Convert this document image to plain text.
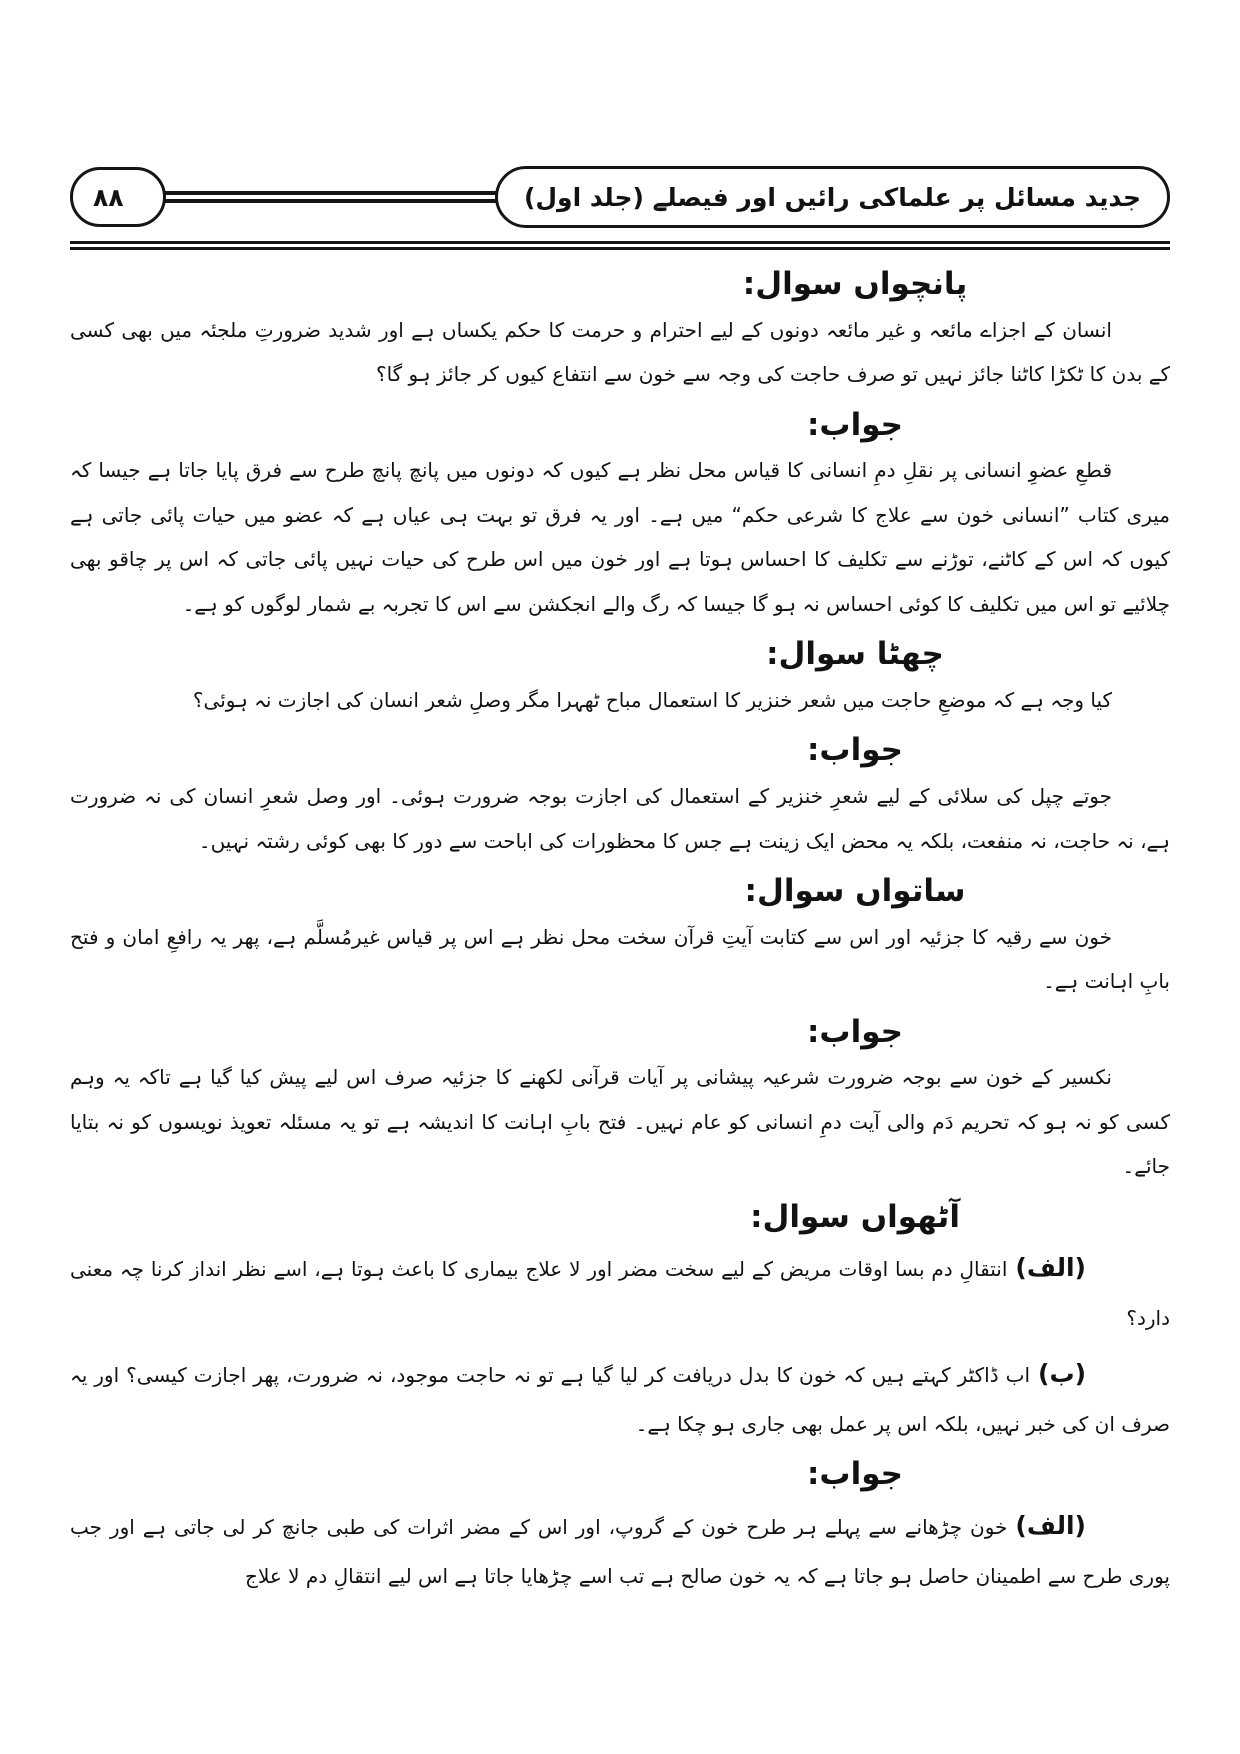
۸۸	جدید مسائل پر علماکی رائیں اور فیصلے (جلد اول)
پانچواں سوال:

انسان کے اجزاے مائعہ و غیر مائعہ دونوں کے لیے احترام و حرمت کا حکم یکساں ہے اور شدید ضرورتِ ملجئہ میں بھی کسی کے بدن کا ٹکڑا کاٹنا جائز نہیں تو صرف حاجت کی وجہ سے خون سے انتفاع کیوں کر جائز ہو گا؟

جواب:

قطعِ عضوِ انسانی پر نقلِ دمِ انسانی کا قیاس محل نظر ہے کیوں کہ دونوں میں پانچ پانچ طرح سے فرق پایا جاتا ہے جیسا کہ میری کتاب ”انسانی خون سے علاج کا شرعی حکم“ میں ہے۔ اور یہ فرق تو بہت ہی عیاں ہے کہ عضو میں حیات پائی جاتی ہے کیوں کہ اس کے کاٹنے، توڑنے سے تکلیف کا احساس ہوتا ہے اور خون میں اس طرح کی حیات نہیں پائی جاتی کہ اس پر چاقو بھی چلائیے تو اس میں تکلیف کا کوئی احساس نہ ہو گا جیسا کہ رگ والے انجکشن سے اس کا تجربہ بے شمار لوگوں کو ہے۔

چھٹا سوال:

کیا وجہ ہے کہ موضعِ حاجت میں شعر خنزیر کا استعمال مباح ٹھہرا مگر وصلِ شعر انسان کی اجازت نہ ہوئی؟

جواب:

جوتے چپل کی سلائی کے لیے شعرِ خنزیر کے استعمال کی اجازت بوجہ ضرورت ہوئی۔ اور وصل شعرِ انسان کی نہ ضرورت ہے، نہ حاجت، نہ منفعت، بلکہ یہ محض ایک زینت ہے جس کا محظورات کی اباحت سے دور کا بھی کوئی رشتہ نہیں۔

ساتواں سوال:

خون سے رقیہ کا جزئیہ اور اس سے کتابت آیتِ قرآن سخت محل نظر ہے اس پر قیاس غیرمُسلَّم ہے، پھر یہ رافعِ امان و فتح بابِ اہانت ہے۔

جواب:

نکسیر کے خون سے بوجہ ضرورت شرعیہ پیشانی پر آیات قرآنی لکھنے کا جزئیہ صرف اس لیے پیش کیا گیا ہے تاکہ یہ وہم کسی کو نہ ہو کہ تحریم دَم والی آیت دمِ انسانی کو عام نہیں۔ فتح بابِ اہانت کا اندیشہ ہے تو یہ مسئلہ تعویذ نویسوں کو نہ بتایا جائے۔

آٹھواں سوال:

(الف)انتقالِ دم بسا اوقات مریض کے لیے سخت مضر اور لا علاج بیماری کا باعث ہوتا ہے، اسے نظر انداز کرنا چہ معنی دارد؟

(ب)اب ڈاکٹر کہتے ہیں کہ خون کا بدل دریافت کر لیا گیا ہے تو نہ حاجت موجود، نہ ضرورت، پھر اجازت کیسی؟ اور یہ صرف ان کی خبر نہیں، بلکہ اس پر عمل بھی جاری ہو چکا ہے۔

جواب:

(الف)خون چڑھانے سے پہلے ہر طرح خون کے گروپ، اور اس کے مضر اثرات کی طبی جانچ کر لی جاتی ہے اور جب پوری طرح سے اطمینان حاصل ہو جاتا ہے کہ یہ خون صالح ہے تب اسے چڑھایا جاتا ہے اس لیے انتقالِ دم لا علاج
